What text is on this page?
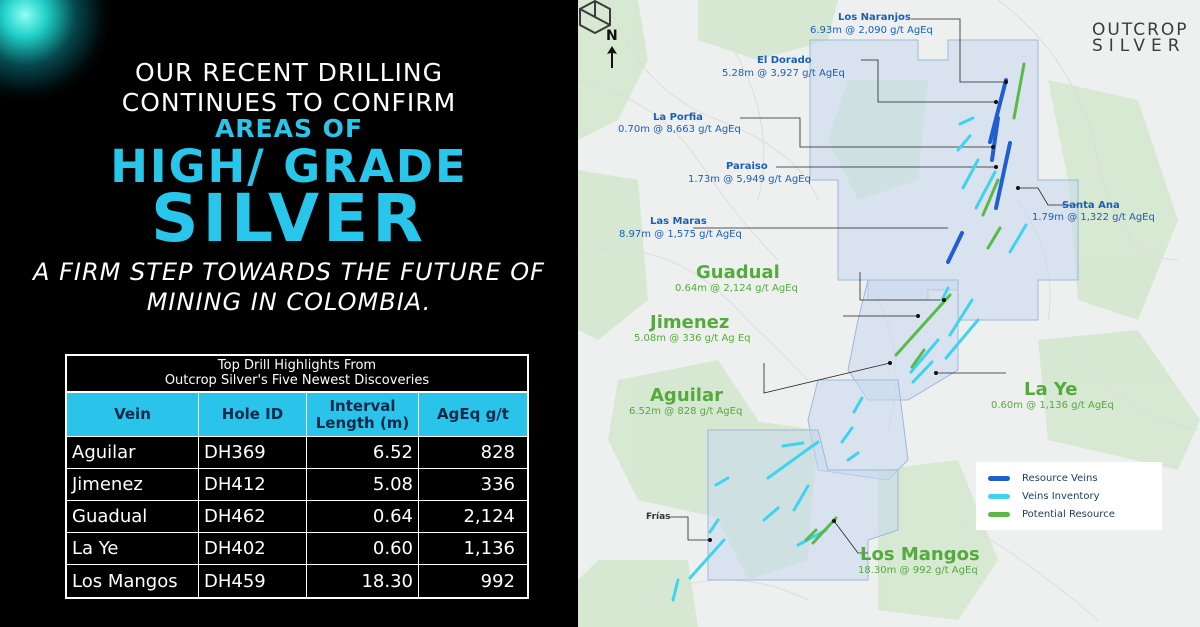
OUR RECENT DRILLING
CONTINUES TO CONFIRM
AREAS OF
HIGH/ GRADE
SILVER
A FIRM STEP TOWARDS THE FUTURE OF
MINING IN COLOMBIA.
Top Drill Highlights From
Outcrop Silver's Five Newest Discoveries
Vein	Hole ID	Interval Length (m)	AgEq g/t
Aguilar	DH369	6.52	828
Jimenez	DH412	5.08	336
Guadual	DH462	0.64	2,124
La Ye	DH402	0.60	1,136
Los Mangos	DH459	18.30	992
N	OUTCROP
SILVER
Los Naranjos
6.93m @ 2,090 g/t AgEq
El Dorado
5.28m @ 3,927 g/t AgEq
La Porfia
0.70m @ 8,663 g/t AgEq
Paraiso
1.73m @ 5,949 g/t AgEq
Santa Ana
1.79m @ 1,322 g/t AgEq
Las Maras
8.97m @ 1,575 g/t AgEq
Guadual
0.64m @ 2,124 g/t AgEq
Jimenez
5.08m @ 336 g/t Ag Eq
Aguilar
6.52m @ 828 g/t AgEq
La Ye
0.60m @ 1,136 g/t AgEq
Los Mangos
18.30m @ 992 g/t AgEq
Frías
Resource Veins
Veins Inventory
Potential Resource
